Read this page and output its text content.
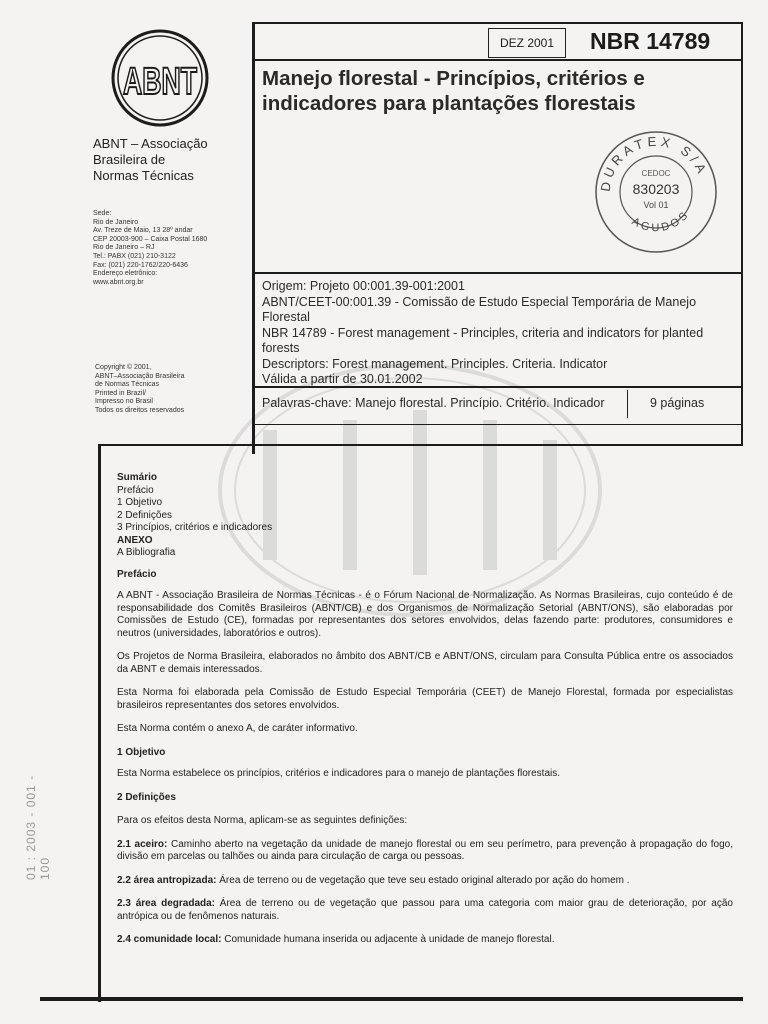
ABNT
ABNT – Associação
Brasileira de
Normas Técnicas
Sede:
Rio de Janeiro
Av. Treze de Maio, 13 28º andar
CEP 20003-900 – Caixa Postal 1680
Rio de Janeiro – RJ
Tel.: PABX (021) 210-3122
Fax: (021) 220-1762/220-6436
Endereço eletrônico:
www.abnt.org.br
Copyright © 2001,
ABNT–Associação Brasileira
de Normas Técnicas
Printed in Brazil/
Impresso no Brasil
Todos os direitos reservados
01 : 2003 - 001 - 100
DEZ 2001	NBR 14789
Manejo florestal - Princípios, critérios e
indicadores para plantações florestais
DURATEX S/A
AGUDOS
CEDOC
830203
Vol 01
Origem: Projeto 00:001.39-001:2001
ABNT/CEET-00:001.39 - Comissão de Estudo Especial Temporária de Manejo Florestal
NBR 14789 - Forest management - Principles, criteria and indicators for planted forests
Descriptors: Forest management. Principles. Criteria. Indicator
Válida a partir de 30.01.2002
Palavras-chave: Manejo florestal. Princípio. Critério. Indicador	9 páginas

Sumário

Prefácio

1 Objetivo

2 Definições

3 Princípios, critérios e indicadores

ANEXO

A Bibliografia

Prefácio

A ABNT - Associação Brasileira de Normas Técnicas - é o Fórum Nacional de Normalização. As Normas Brasileiras, cujo conteúdo é de responsabilidade dos Comitês Brasileiros (ABNT/CB) e dos Organismos de Normalização Setorial (ABNT/ONS), são elaboradas por Comissões de Estudo (CE), formadas por representantes dos setores envolvidos, delas fazendo parte: produtores, consumidores e neutros (universidades, laboratórios e outros).

Os Projetos de Norma Brasileira, elaborados no âmbito dos ABNT/CB e ABNT/ONS, circulam para Consulta Pública entre os associados da ABNT e demais interessados.

Esta Norma foi elaborada pela Comissão de Estudo Especial Temporária (CEET) de Manejo Florestal, formada por especialistas brasileiros representantes dos setores envolvidos.

Esta Norma contém o anexo A, de caráter informativo.

1 Objetivo

Esta Norma estabelece os princípios, critérios e indicadores para o manejo de plantações florestais.

2 Definições

Para os efeitos desta Norma, aplicam-se as seguintes definições:

2.1 aceiro: Caminho aberto na vegetação da unidade de manejo florestal ou em seu perímetro, para prevenção à propagação do fogo, divisão em parcelas ou talhões ou ainda para circulação de carga ou pessoas.

2.2 área antropizada: Área de terreno ou de vegetação que teve seu estado original alterado por ação do homem .

2.3 área degradada: Área de terreno ou de vegetação que passou para uma categoria com maior grau de deterioração, por ação antrópica ou de fenômenos naturais.

2.4 comunidade local: Comunidade humana inserida ou adjacente à unidade de manejo florestal.
